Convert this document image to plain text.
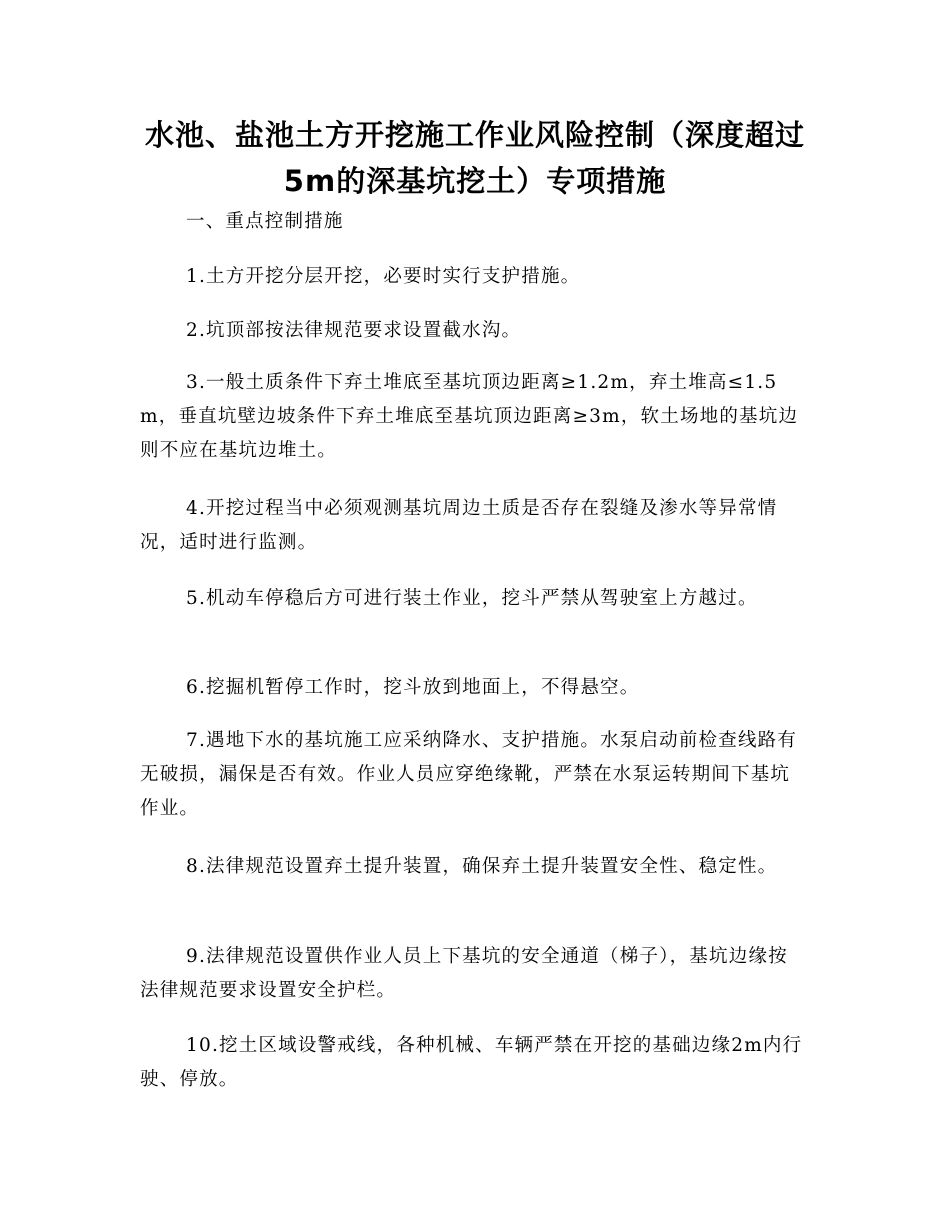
水池、盐池土方开挖施工作业风险控制（深度超过5m的深基坑挖土）专项措施

一、重点控制措施

1.土方开挖分层开挖，必要时实行支护措施。

2.坑顶部按法律规范要求设置截水沟。

3.一般土质条件下弃土堆底至基坑顶边距离≥1.2m，弃土堆高≤1.5m，垂直坑壁边坡条件下弃土堆底至基坑顶边距离≥3m，软土场地的基坑边则不应在基坑边堆土。

4.开挖过程当中必须观测基坑周边土质是否存在裂缝及渗水等异常情况，适时进行监测。

5.机动车停稳后方可进行装土作业，挖斗严禁从驾驶室上方越过。

6.挖掘机暂停工作时，挖斗放到地面上，不得悬空。

7.遇地下水的基坑施工应采纳降水、支护措施。水泵启动前检查线路有无破损，漏保是否有效。作业人员应穿绝缘靴，严禁在水泵运转期间下基坑作业。

8.法律规范设置弃土提升装置，确保弃土提升装置安全性、稳定性。

9.法律规范设置供作业人员上下基坑的安全通道（梯子），基坑边缘按法律规范要求设置安全护栏。

10.挖土区域设警戒线，各种机械、车辆严禁在开挖的基础边缘2m内行驶、停放。
